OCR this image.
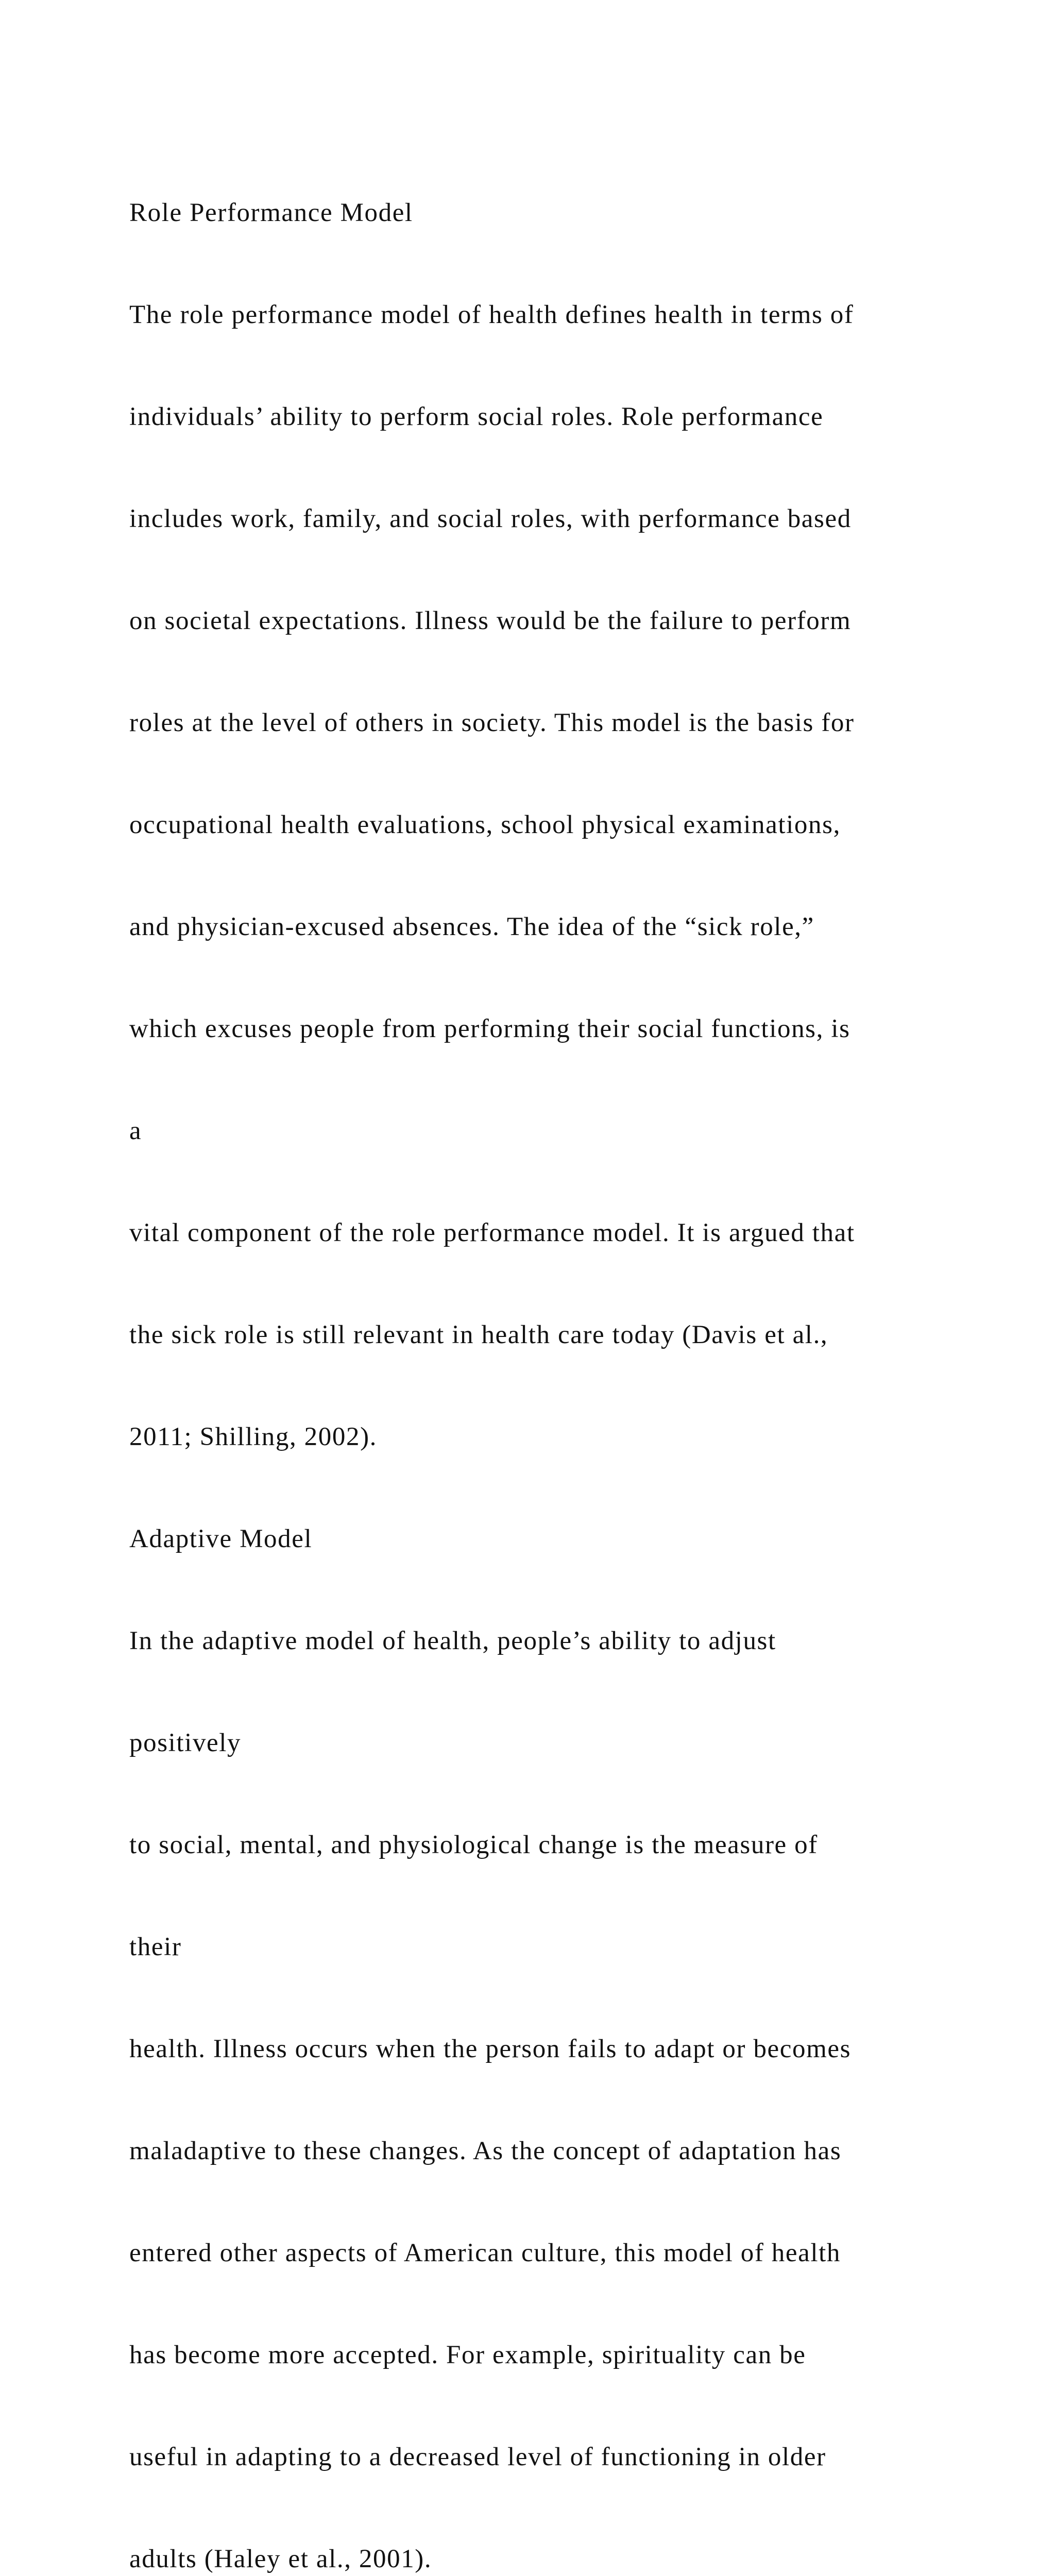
Role Performance Model

The role performance model of health defines health in terms of

individuals’ ability to perform social roles. Role performance

includes work, family, and social roles, with performance based

on societal expectations. Illness would be the failure to perform

roles at the level of others in society. This model is the basis for

occupational health evaluations, school physical examinations,

and physician-excused absences. The idea of the “sick role,”

which excuses people from performing their social functions, is

a

vital component of the role performance model. It is argued that

the sick role is still relevant in health care today (Davis et al.,

2011; Shilling, 2002).

Adaptive Model

In the adaptive model of health, people’s ability to adjust

positively

to social, mental, and physiological change is the measure of

their

health. Illness occurs when the person fails to adapt or becomes

maladaptive to these changes. As the concept of adaptation has

entered other aspects of American culture, this model of health

has become more accepted. For example, spirituality can be

useful in adapting to a decreased level of functioning in older

adults (Haley et al., 2001).
